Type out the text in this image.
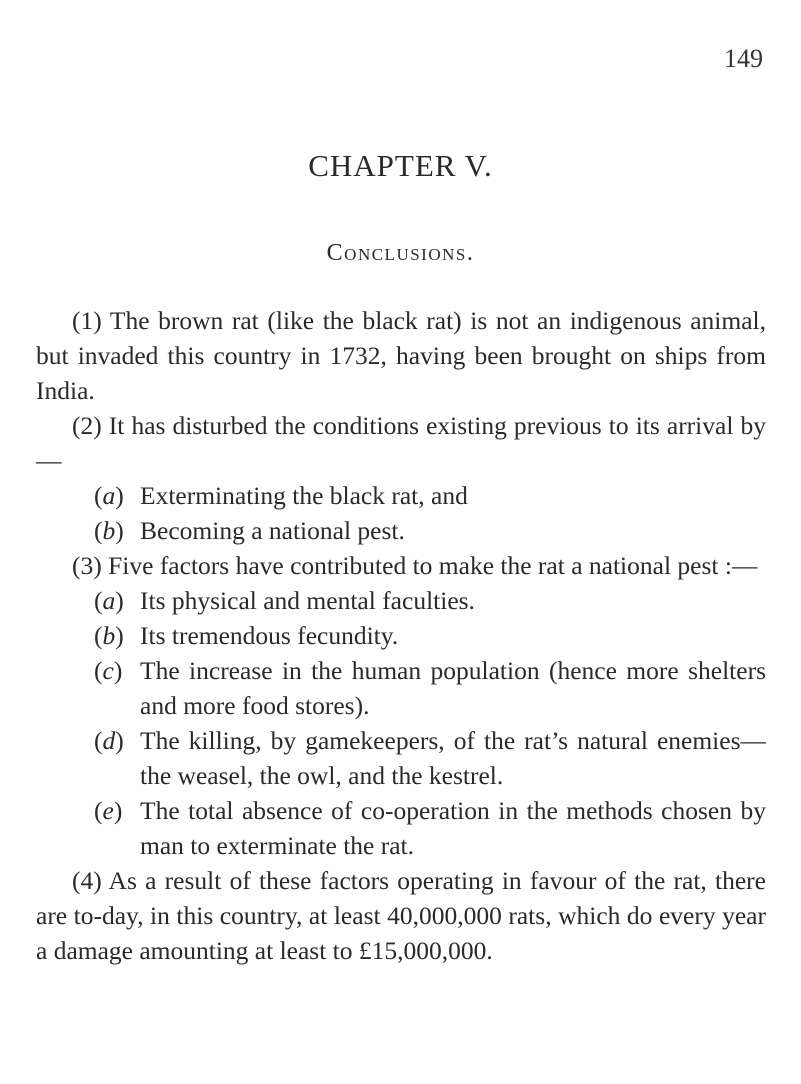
149
CHAPTER V.
Conclusions.

(1) The brown rat (like the black rat) is not an indigenous animal, but invaded this country in 1732, having been brought on ships from India.

(2) It has disturbed the conditions existing previous to its arrival by—

(a) Exterminating the black rat, and

(b) Becoming a national pest.

(3) Five factors have contributed to make the rat a national pest :—

(a) Its physical and mental faculties.

(b) Its tremendous fecundity.

(c) The increase in the human population (hence more shelters and more food stores).

(d) The killing, by gamekeepers, of the rat’s natural enemies—the weasel, the owl, and the kestrel.

(e) The total absence of co-operation in the methods chosen by man to exterminate the rat.

(4) As a result of these factors operating in favour of the rat, there are to-day, in this country, at least 40,000,000 rats, which do every year a damage amounting at least to £15,000,000.
